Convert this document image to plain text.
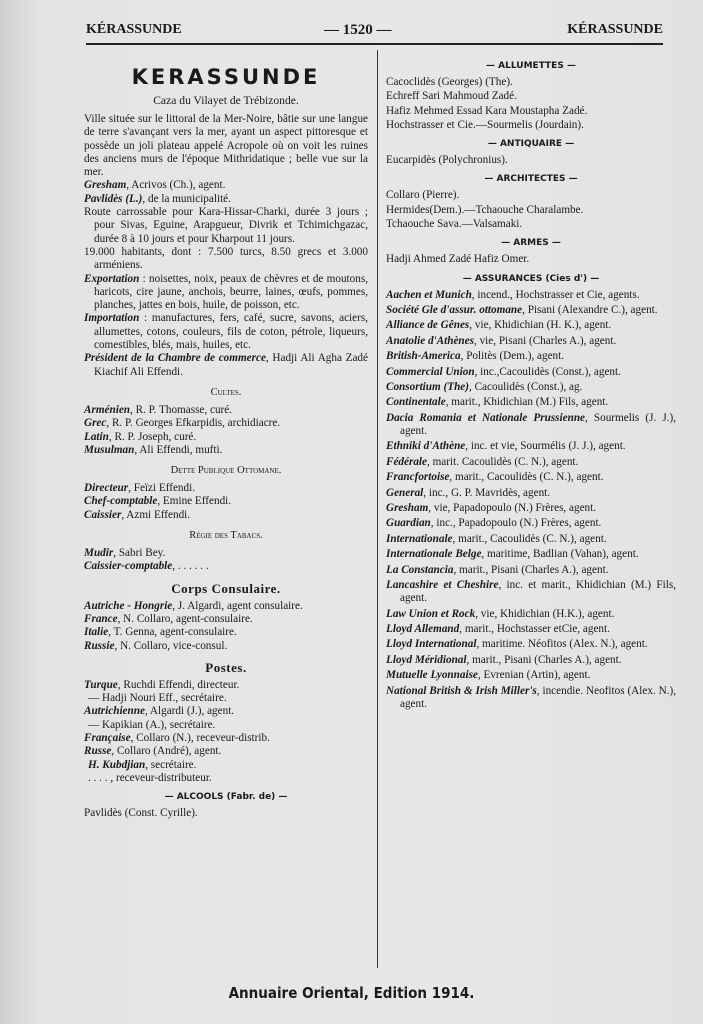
KÉRASSUNDE	— 1520 —	KÉRASSUNDE
KERASSUNDE
Caza du Vilayet de Trébizonde.
Ville située sur le littoral de la Mer-Noire, bâtie sur une langue de terre s'avançant vers la mer, ayant un aspect pittoresque et possède un joli plateau appelé Acropole où on voit les ruines des anciens murs de l'époque Mithridatique ; belle vue sur la mer.
Gresham, Acrivos (Ch.), agent.
Pavlidès (L.), de la municipalité.
Route carrossable pour Kara-Hissar-Charki, durée 3 jours ; pour Sivas, Eguine, Arapgueur, Divrik et Tchimichgazac, durée 8 à 10 jours et pour Kharpout 11 jours.
19.000 habitants, dont : 7.500 turcs, 8.50 grecs et 3.000 arméniens.
Exportation : noisettes, noix, peaux de chèvres et de moutons, haricots, cire jaune, anchois, beurre, laines, œufs, pommes, planches, jattes en bois, huile, de poisson, etc.
Importation : manufactures, fers, café, sucre, savons, aciers, allumettes, cotons, couleurs, fils de coton, pétrole, liqueurs, comestibles, blés, mais, huiles, etc.
Président de la Chambre de commerce, Hadji Ali Agha Zadé Kiachif Ali Effendi.
Cultes.
Arménien, R. P. Thomasse, curé.
Grec, R. P. Georges Efkarpidis, archidiacre.
Latin, R. P. Joseph, curé.
Musulman, Ali Effendi, mufti.
Dette Publique Ottomane.
Directeur, Feïzi Effendi.
Chef-comptable, Emine Effendi.
Caissier, Azmi Effendi.
Régie des Tabacs.
Mudir, Sabri Bey.
Caissier-comptable, . . . . . .
Corps Consulaire.
Autriche - Hongrie, J. Algardi, agent consulaire.
France, N. Collaro, agent-consulaire.
Italie, T. Genna, agent-consulaire.
Russie, N. Collaro, vice-consul.
Postes.
Turque, Ruchdi Effendi, directeur.
— Hadji Nouri Eff., secrétaire.
Autrichienne, Algardi (J.), agent.
— Kapikian (A.), secrétaire.
Française, Collaro (N.), receveur-distrib.
Russe, Collaro (André), agent.
H. Kubdjian, secrétaire.
. . . . , receveur-distributeur.
— ALCOOLS (Fabr. de) —
Pavlidès (Const. Cyrille).
— ALLUMETTES —
Cacoclidès (Georges) (The).
Echreff Sari Mahmoud Zadé.
Hafiz Mehmed Essad Kara Moustapha Zadé.
Hochstrasser et Cie.—Sourmelis (Jourdain).
— ANTIQUAIRE —
Eucarpidès (Polychronius).
— ARCHITECTES —
Collaro (Pierre).
Hermides(Dem.).—Tchaouche Charalambe.
Tchaouche Sava.—Valsamaki.
— ARMES —
Hadji Ahmed Zadé Hafiz Omer.
— ASSURANCES (Cies d') —
Aachen et Munich, incend., Hochstrasser et Cie, agents.
Société Gle d'assur. ottomane, Pisani (Alexandre C.), agent.
Alliance de Gênes, vie, Khidichian (H. K.), agent.
Anatolie d'Athènes, vie, Pisani (Charles A.), agent.
British-America, Politès (Dem.), agent.
Commercial Union, inc.,Cacoulidès (Const.), agent.
Consortium (The), Cacoulidès (Const.), ag.
Continentale, marit., Khidichian (M.) Fils, agent.
Dacia Romania et Nationale Prussienne, Sourmelis (J. J.), agent.
Ethniki d'Athène, inc. et vie, Sourmélis (J. J.), agent.
Fédérale, marit. Cacoulidès (C. N.), agent.
Francfortoise, marit., Cacoulidès (C. N.), agent.
General, inc., G. P. Mavridès, agent.
Gresham, vie, Papadopoulo (N.) Frères, agent.
Guardian, inc., Papadopoulo (N.) Frères, agent.
Internationale, marit., Cacoulidès (C. N.), agent.
Internationale Belge, maritime, Badlian (Vahan), agent.
La Constancia, marit., Pisani (Charles A.), agent.
Lancashire et Cheshire, inc. et marit., Khidichian (M.) Fils, agent.
Law Union et Rock, vie, Khidichian (H.K.), agent.
Lloyd Allemand, marit., Hochstasser etCie, agent.
Lloyd International, maritime. Néofitos (Alex. N.), agent.
Lloyd Méridional, marit., Pisani (Charles A.), agent.
Mutuelle Lyonnaise, Evrenian (Artin), agent.
National British & Irish Miller's, incendie. Neofitos (Alex. N.), agent.
Annuaire Oriental, Edition 1914.
